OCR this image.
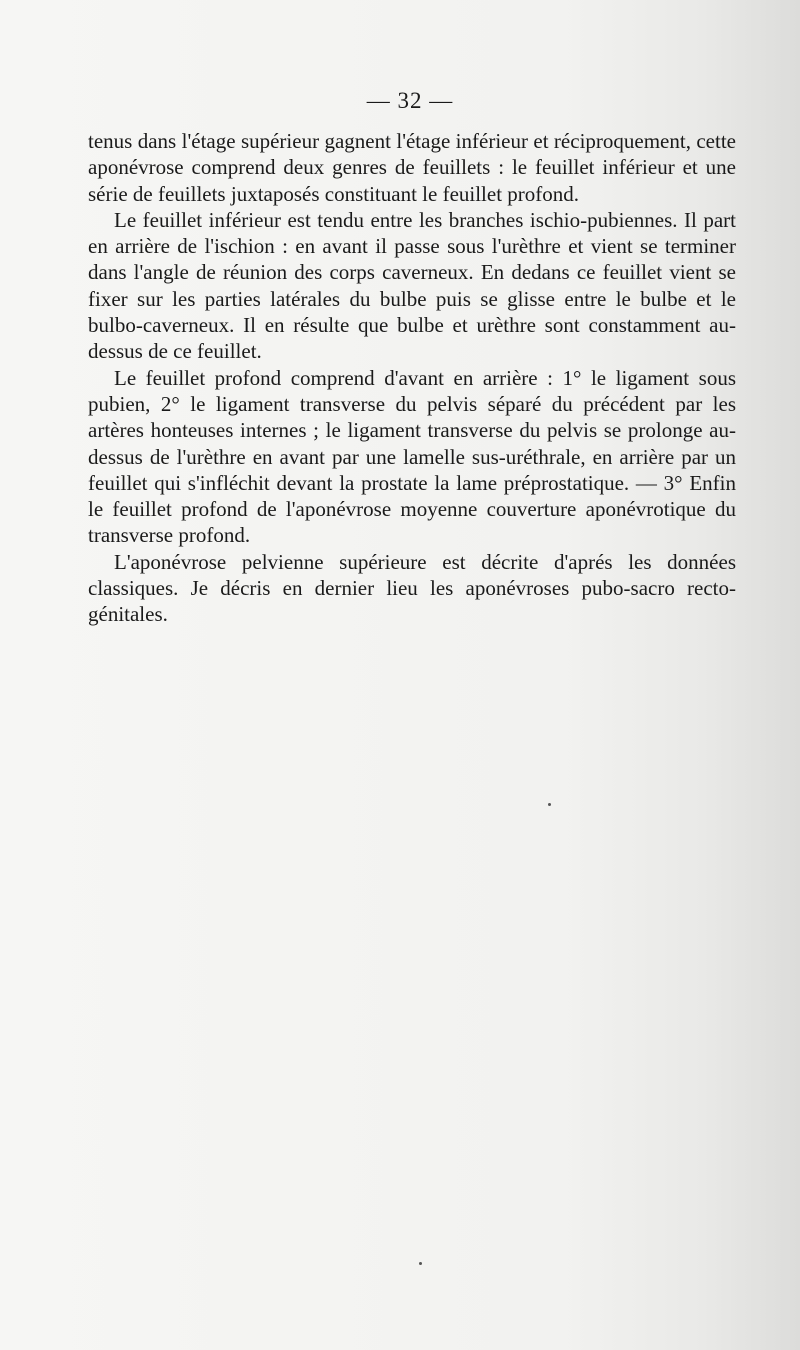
— 32 —

tenus dans l'étage supérieur gagnent l'étage inférieur et réciproquement, cette aponévrose comprend deux genres de feuillets : le feuillet inférieur et une série de feuillets juxtaposés constituant le feuillet profond.

Le feuillet inférieur est tendu entre les branches ischio-pubiennes. Il part en arrière de l'ischion : en avant il passe sous l'urèthre et vient se terminer dans l'angle de réunion des corps caverneux. En dedans ce feuillet vient se fixer sur les parties latérales du bulbe puis se glisse entre le bulbe et le bulbo-caverneux. Il en résulte que bulbe et urèthre sont constamment au-dessus de ce feuillet.

Le feuillet profond comprend d'avant en arrière : 1° le ligament sous pubien, 2° le ligament transverse du pelvis séparé du précédent par les artères honteuses internes ; le ligament transverse du pelvis se prolonge au-dessus de l'urèthre en avant par une lamelle sus-uréthrale, en arrière par un feuillet qui s'infléchit devant la prostate la lame préprostatique. — 3° Enfin le feuillet profond de l'aponévrose moyenne couverture aponévrotique du transverse profond.

L'aponévrose pelvienne supérieure est décrite d'aprés les données classiques. Je décris en dernier lieu les aponévroses pubo-sacro recto-génitales.
